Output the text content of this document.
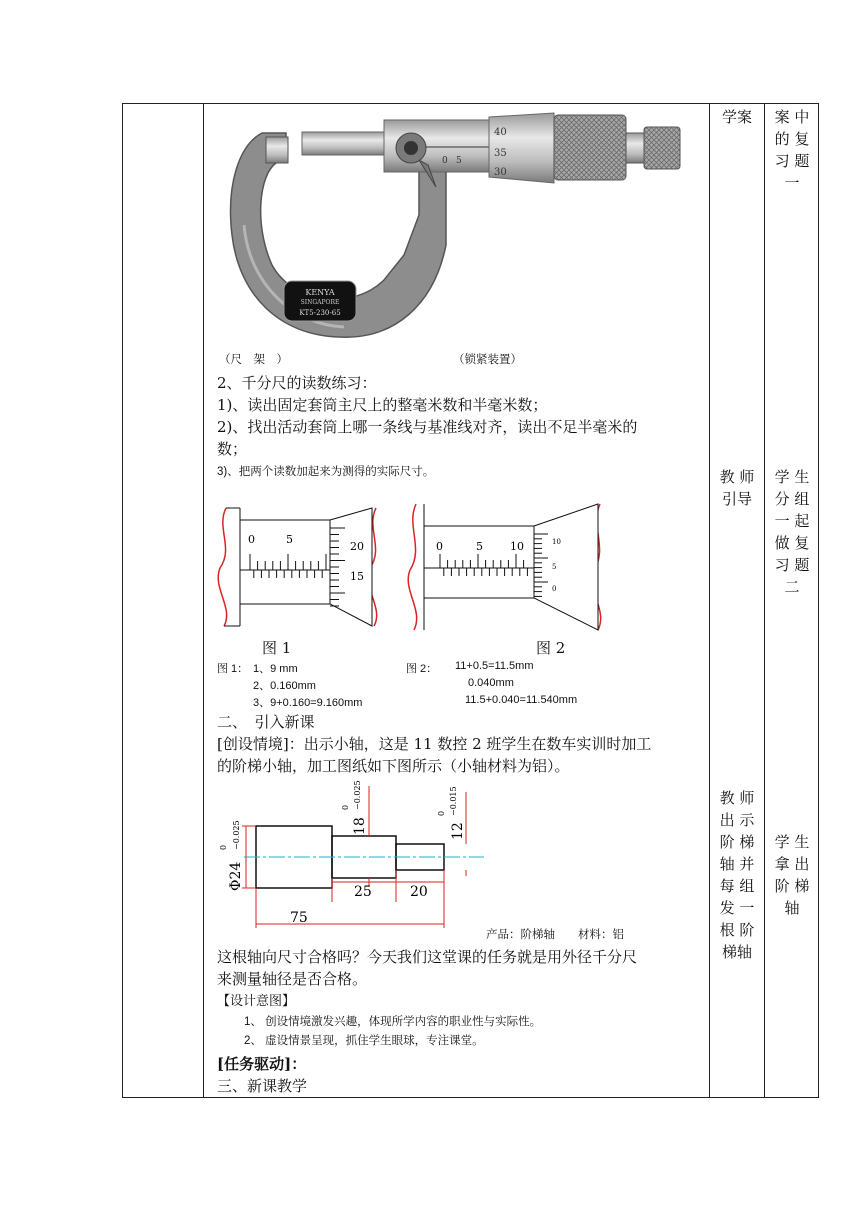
0 5
40
35
30
KENYA
SINGAPORE
KT5-230-65
（尺　架　）	（锁紧装置）
2、千分尺的读数练习：
1)、读出固定套筒主尺上的整毫米数和半毫米数；
2)、找出活动套筒上哪一条线与基准线对齐，读出不足半毫米的
数；
3)、把两个读数加起来为测得的实际尺寸。
0	5
20
15
图 1
0	5 10	10
5
0
图 2
图 1： 1、9 mm
2、0.160mm
3、9+0.160=9.160mm
图 2： 11+0.5=11.5mm
0.040mm
11.5+0.040=11.540mm
二、　引入新课
[创设情境]：出示小轴，这是 11 数控 2 班学生在数车实训时加工
的阶梯小轴，加工图纸如下图所示（小轴材料为铝）。
Φ24
0 −0.025	18
0 −0.025
12
0 −0.015
25	20
75
产品：阶梯轴　　材料：铝
这根轴向尺寸合格吗？今天我们这堂课的任务就是用外径千分尺
来测量轴径是否合格。
【设计意图】
1、 创设情境激发兴趣，体现所学内容的职业性与实际性。
2、 虚设情景呈现，抓住学生眼球，专注课堂。
[任务驱动]：
三、新课教学
学案
教 师
引导
教 师
出 示
阶 梯
轴 并
每 组
发 一
根 阶
梯轴
案 中
的 复
习 题
一
学 生
分 组
一 起
做 复
习 题
二
学 生
拿 出
阶 梯
轴
